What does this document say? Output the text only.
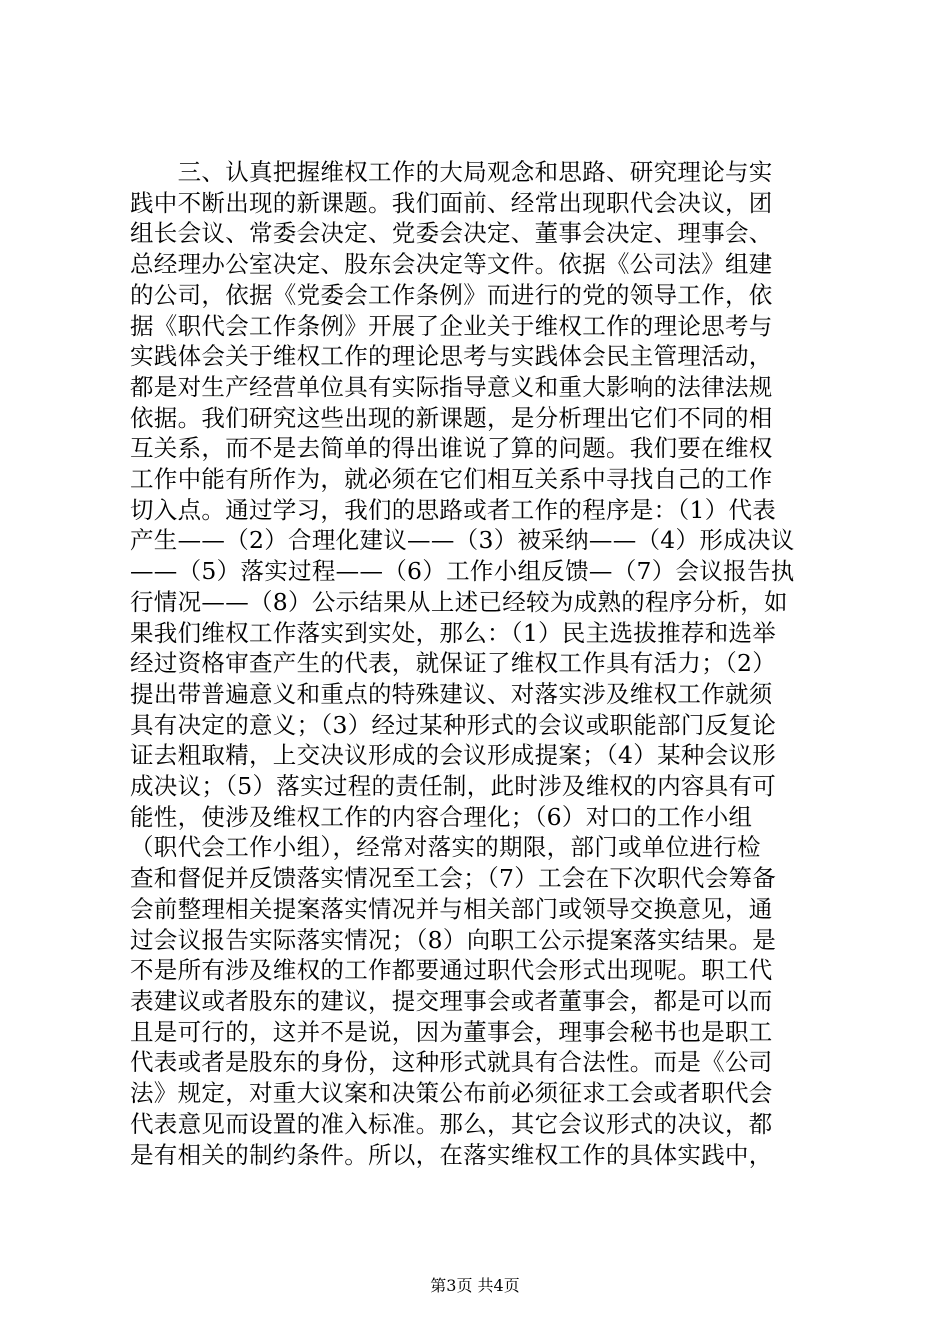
　　三、认真把握维权工作的大局观念和思路、研究理论与实
践中不断出现的新课题。我们面前、经常出现职代会决议，团
组长会议、常委会决定、党委会决定、董事会决定、理事会、
总经理办公室决定、股东会决定等文件。依据《公司法》组建
的公司，依据《党委会工作条例》而进行的党的领导工作，依
据《职代会工作条例》开展了企业关于维权工作的理论思考与
实践体会关于维权工作的理论思考与实践体会民主管理活动，
都是对生产经营单位具有实际指导意义和重大影响的法律法规
依据。我们研究这些出现的新课题，是分析理出它们不同的相
互关系，而不是去简单的得出谁说了算的问题。我们要在维权
工作中能有所作为，就必须在它们相互关系中寻找自己的工作
切入点。通过学习，我们的思路或者工作的程序是：（1）代表
产生——（2）合理化建议——（3）被采纳——（4）形成决议
——（5）落实过程——（6）工作小组反馈—（7）会议报告执
行情况——（8）公示结果从上述已经较为成熟的程序分析，如
果我们维权工作落实到实处，那么：（1）民主选拔推荐和选举
经过资格审查产生的代表，就保证了维权工作具有活力；（2）
提出带普遍意义和重点的特殊建议、对落实涉及维权工作就须
具有决定的意义；（3）经过某种形式的会议或职能部门反复论
证去粗取精，上交决议形成的会议形成提案；（4）某种会议形
成决议；（5）落实过程的责任制，此时涉及维权的内容具有可
能性，使涉及维权工作的内容合理化；（6）对口的工作小组
（职代会工作小组），经常对落实的期限，部门或单位进行检
查和督促并反馈落实情况至工会；（7）工会在下次职代会筹备
会前整理相关提案落实情况并与相关部门或领导交换意见，通
过会议报告实际落实情况；（8）向职工公示提案落实结果。是
不是所有涉及维权的工作都要通过职代会形式出现呢。职工代
表建议或者股东的建议，提交理事会或者董事会，都是可以而
且是可行的，这并不是说，因为董事会，理事会秘书也是职工
代表或者是股东的身份，这种形式就具有合法性。而是《公司
法》规定，对重大议案和决策公布前必须征求工会或者职代会
代表意见而设置的准入标准。那么，其它会议形式的决议，都
是有相关的制约条件。所以，在落实维权工作的具体实践中，
第3页 共4页
